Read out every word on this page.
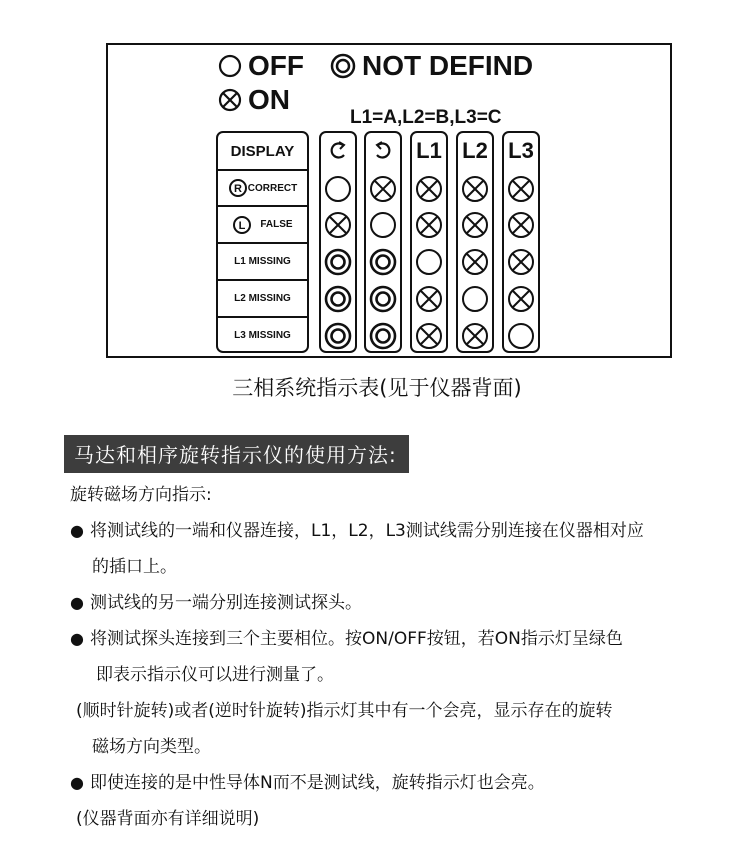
OFF NOT DEFIND
ON
L1=A,L2=B,L3=C
DISPLAY	L1 L2 L3
R CORRECT
L FALSE
L1 MISSING
L2 MISSING
L3 MISSING
三相系统指示表(见于仪器背面)
马达和相序旋转指示仪的使用方法:

旋转磁场方向指示:

● 将测试线的一端和仪器连接，L1，L2，L3测试线需分别连接在仪器相对应

的插口上。

● 测试线的另一端分别连接测试探头。

● 将测试探头连接到三个主要相位。按ON/OFF按钮，若ON指示灯呈绿色

即表示指示仪可以进行测量了。

(顺时针旋转)或者(逆时针旋转)指示灯其中有一个会亮，显示存在的旋转

磁场方向类型。

● 即使连接的是中性导体N而不是测试线，旋转指示灯也会亮。

(仪器背面亦有详细说明)
